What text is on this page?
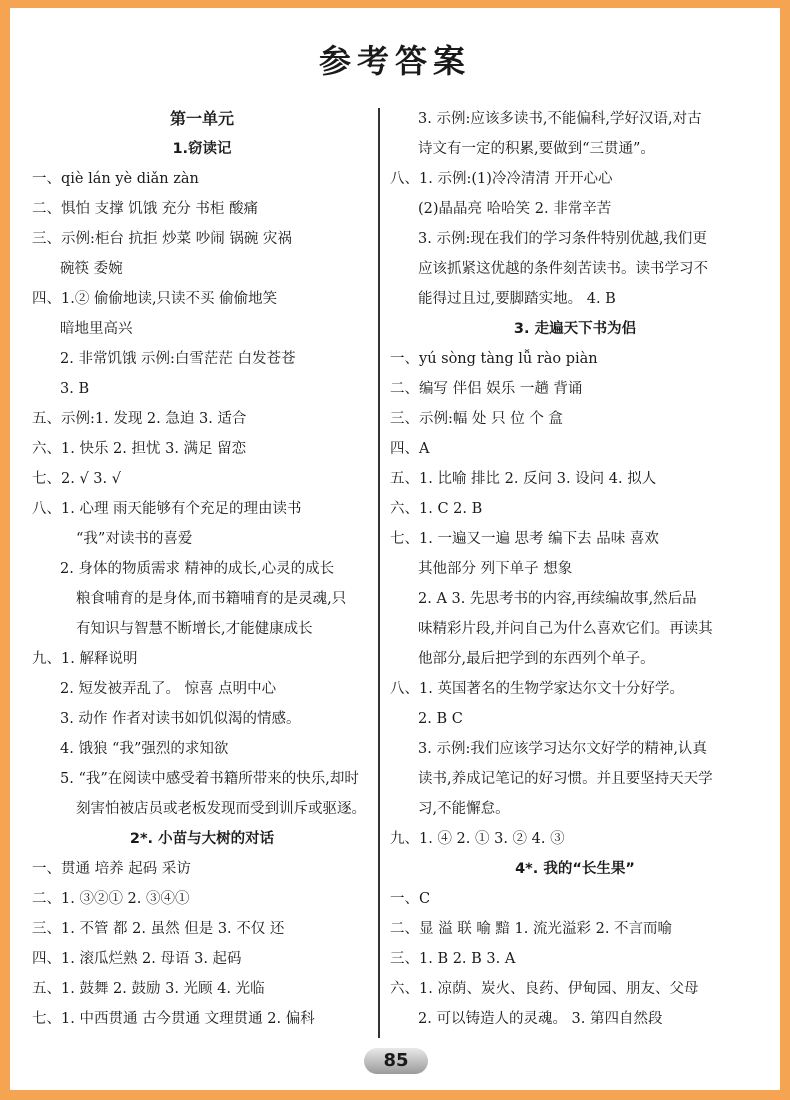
参考答案
第一单元
1.窃读记
一、qiè lán yè diǎn zàn
二、惧怕 支撑 饥饿 充分 书柜 酸痛
三、示例:柜台 抗拒 炒菜 吵闹 锅碗 灾祸
碗筷 委婉
四、1.② 偷偷地读,只读不买 偷偷地笑
暗地里高兴
2. 非常饥饿 示例:白雪茫茫 白发苍苍
3. B
五、示例:1. 发现 2. 急迫 3. 适合
六、1. 快乐 2. 担忧 3. 满足 留恋
七、2. √ 3. √
八、1. 心理 雨天能够有个充足的理由读书
“我”对读书的喜爱
2. 身体的物质需求 精神的成长,心灵的成长
粮食哺育的是身体,而书籍哺育的是灵魂,只
有知识与智慧不断增长,才能健康成长
九、1. 解释说明
2. 短发被弄乱了。 惊喜 点明中心
3. 动作 作者对读书如饥似渴的情感。
4. 饿狼 “我”强烈的求知欲
5. “我”在阅读中感受着书籍所带来的快乐,却时
刻害怕被店员或老板发现而受到训斥或驱逐。
2*. 小苗与大树的对话
一、贯通 培养 起码 采访
二、1. ③②① 2. ③④①
三、1. 不管 都 2. 虽然 但是 3. 不仅 还
四、1. 滚瓜烂熟 2. 母语 3. 起码
五、1. 鼓舞 2. 鼓励 3. 光顾 4. 光临
七、1. 中西贯通 古今贯通 文理贯通 2. 偏科
3. 示例:应该多读书,不能偏科,学好汉语,对古
诗文有一定的积累,要做到“三贯通”。
八、1. 示例:(1)冷冷清清 开开心心
(2)晶晶亮 哈哈笑 2. 非常辛苦
3. 示例:现在我们的学习条件特别优越,我们更
应该抓紧这优越的条件刻苦读书。读书学习不
能得过且过,要脚踏实地。 4. B
3. 走遍天下书为侣
一、yú sòng tàng lǚ rào piàn
二、编写 伴侣 娱乐 一趟 背诵
三、示例:幅 处 只 位 个 盒
四、A
五、1. 比喻 排比 2. 反问 3. 设问 4. 拟人
六、1. C 2. B
七、1. 一遍又一遍 思考 编下去 品味 喜欢
其他部分 列下单子 想象
2. A 3. 先思考书的内容,再续编故事,然后品
味精彩片段,并问自己为什么喜欢它们。再读其
他部分,最后把学到的东西列个单子。
八、1. 英国著名的生物学家达尔文十分好学。
2. B C
3. 示例:我们应该学习达尔文好学的精神,认真
读书,养成记笔记的好习惯。并且要坚持天天学
习,不能懈怠。
九、1. ④ 2. ① 3. ② 4. ③
4*. 我的“长生果”
一、C
二、显 溢 联 喻 黯 1. 流光溢彩 2. 不言而喻
三、1. B 2. B 3. A
六、1. 凉荫、炭火、良药、伊甸园、朋友、父母
2. 可以铸造人的灵魂。 3. 第四自然段
85
